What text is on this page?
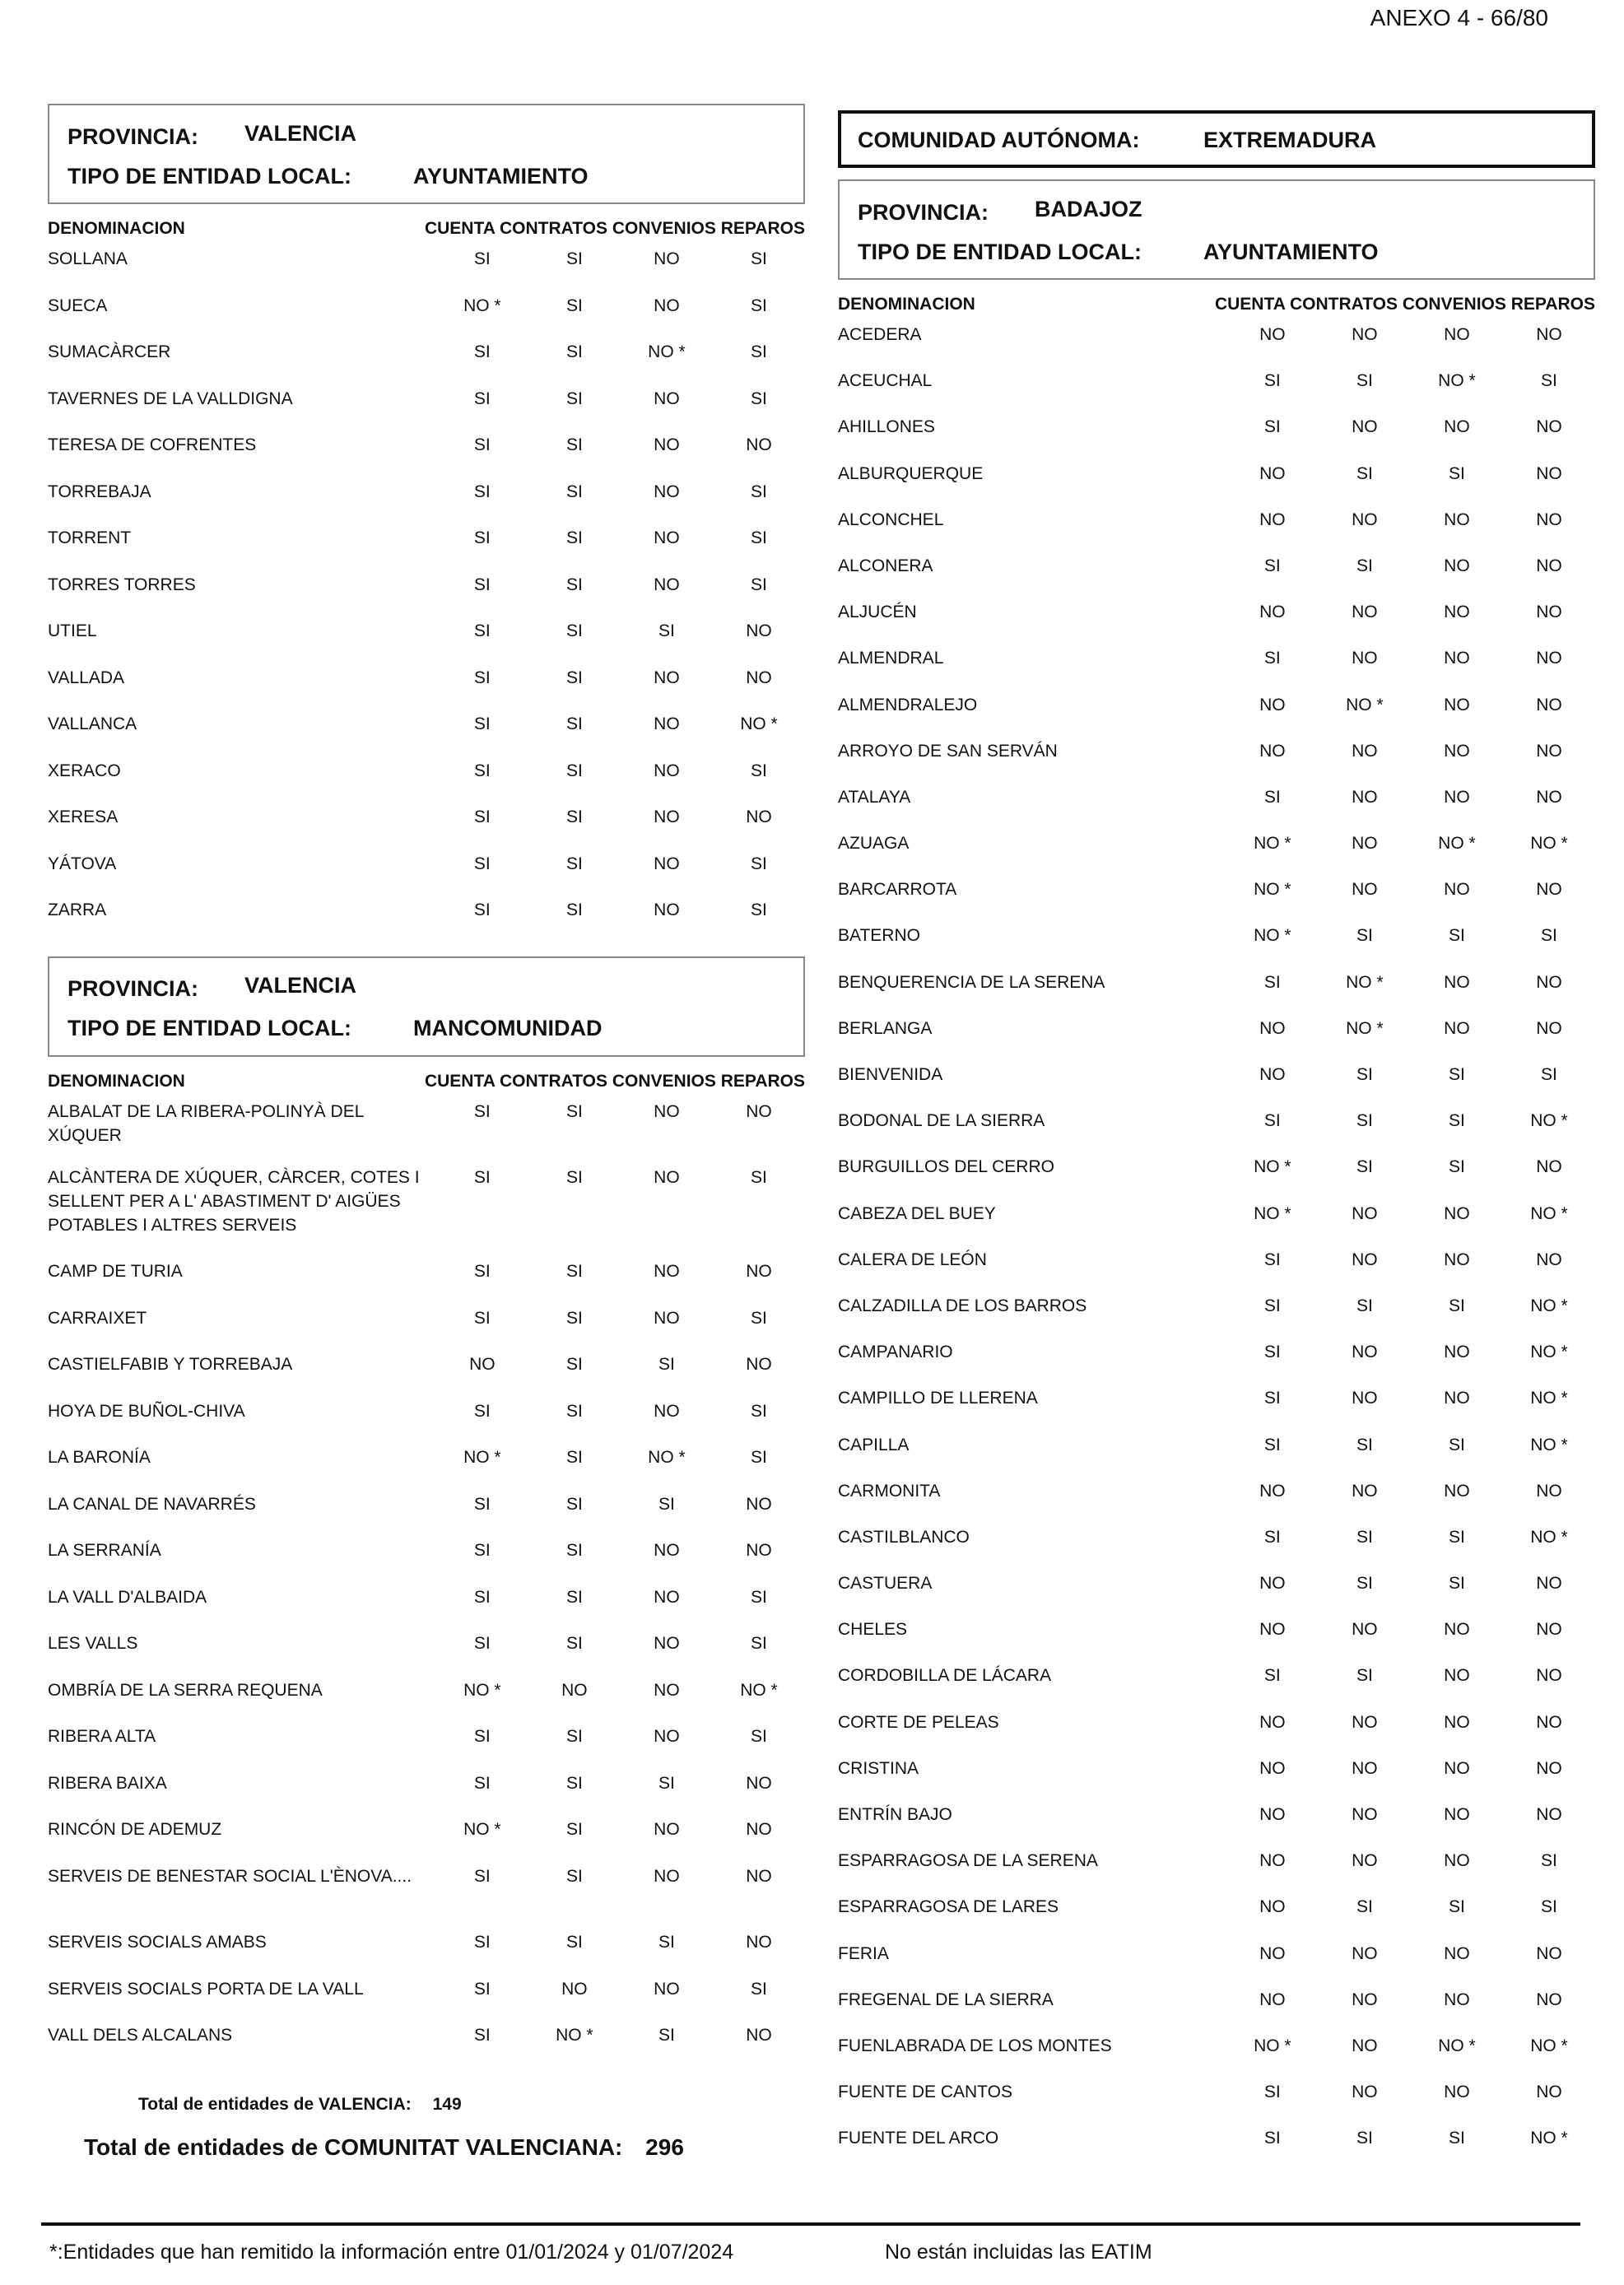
ANEXO 4 - 66/80
PROVINCIA:	VALENCIA
TIPO DE ENTIDAD LOCAL:	AYUNTAMIENTO
DENOMINACION	CUENTA CONTRATOS CONVENIOS REPAROS
SOLLANA	SI	SI	NO	SI
SUECA	NO *	SI	NO	SI
SUMACÀRCER	SI	SI	NO *	SI
TAVERNES DE LA VALLDIGNA	SI	SI	NO	SI
TERESA DE COFRENTES	SI	SI	NO	NO
TORREBAJA	SI	SI	NO	SI
TORRENT	SI	SI	NO	SI
TORRES TORRES	SI	SI	NO	SI
UTIEL	SI	SI	SI	NO
VALLADA	SI	SI	NO	NO
VALLANCA	SI	SI	NO	NO *
XERACO	SI	SI	NO	SI
XERESA	SI	SI	NO	NO
YÁTOVA	SI	SI	NO	SI
ZARRA	SI	SI	NO	SI
PROVINCIA:	VALENCIA
TIPO DE ENTIDAD LOCAL:	MANCOMUNIDAD
DENOMINACION	CUENTA CONTRATOS CONVENIOS REPAROS
ALBALAT DE LA RIBERA-POLINYÀ DEL XÚQUER
SI	SI	NO	NO
ALCÀNTERA DE XÚQUER, CÀRCER, COTES I SELLENT PER A L' ABASTIMENT D' AIGÜES POTABLES I ALTRES SERVEIS
SI	SI	NO	SI
CAMP DE TURIA	SI	SI	NO	NO
CARRAIXET	SI	SI	NO	SI
CASTIELFABIB Y TORREBAJA	NO	SI	SI	NO
HOYA DE BUÑOL-CHIVA	SI	SI	NO	SI
LA BARONÍA	NO *	SI	NO *	SI
LA CANAL DE NAVARRÉS	SI	SI	SI	NO
LA SERRANÍA	SI	SI	NO	NO
LA VALL D'ALBAIDA	SI	SI	NO	SI
LES VALLS	SI	SI	NO	SI
OMBRÍA DE LA SERRA REQUENA	NO *	NO	NO	NO *
RIBERA ALTA	SI	SI	NO	SI
RIBERA BAIXA	SI	SI	SI	NO
RINCÓN DE ADEMUZ	NO *	SI	NO	NO
SERVEIS DE BENESTAR SOCIAL L'ÈNOVA....	SI	SI	NO	NO
SERVEIS SOCIALS AMABS	SI	SI	SI	NO
SERVEIS SOCIALS PORTA DE LA VALL	SI	NO	NO	SI
VALL DELS ALCALANS	SI	NO *	SI	NO
Total de entidades de VALENCIA: 149
Total de entidades de COMUNITAT VALENCIANA: 296
COMUNIDAD AUTÓNOMA:	EXTREMADURA
PROVINCIA:	BADAJOZ
TIPO DE ENTIDAD LOCAL:	AYUNTAMIENTO
DENOMINACION	CUENTA CONTRATOS CONVENIOS REPAROS
ACEDERA	NO	NO	NO	NO
ACEUCHAL	SI	SI	NO *	SI
AHILLONES	SI	NO	NO	NO
ALBURQUERQUE	NO	SI	SI	NO
ALCONCHEL	NO	NO	NO	NO
ALCONERA	SI	SI	NO	NO
ALJUCÉN	NO	NO	NO	NO
ALMENDRAL	SI	NO	NO	NO
ALMENDRALEJO	NO	NO *	NO	NO
ARROYO DE SAN SERVÁN	NO	NO	NO	NO
ATALAYA	SI	NO	NO	NO
AZUAGA	NO *	NO	NO *	NO *
BARCARROTA	NO *	NO	NO	NO
BATERNO	NO *	SI	SI	SI
BENQUERENCIA DE LA SERENA	SI	NO *	NO	NO
BERLANGA	NO	NO *	NO	NO
BIENVENIDA	NO	SI	SI	SI
BODONAL DE LA SIERRA	SI	SI	SI	NO *
BURGUILLOS DEL CERRO	NO *	SI	SI	NO
CABEZA DEL BUEY	NO *	NO	NO	NO *
CALERA DE LEÓN	SI	NO	NO	NO
CALZADILLA DE LOS BARROS	SI	SI	SI	NO *
CAMPANARIO	SI	NO	NO	NO *
CAMPILLO DE LLERENA	SI	NO	NO	NO *
CAPILLA	SI	SI	SI	NO *
CARMONITA	NO	NO	NO	NO
CASTILBLANCO	SI	SI	SI	NO *
CASTUERA	NO	SI	SI	NO
CHELES	NO	NO	NO	NO
CORDOBILLA DE LÁCARA	SI	SI	NO	NO
CORTE DE PELEAS	NO	NO	NO	NO
CRISTINA	NO	NO	NO	NO
ENTRÍN BAJO	NO	NO	NO	NO
ESPARRAGOSA DE LA SERENA	NO	NO	NO	SI
ESPARRAGOSA DE LARES	NO	SI	SI	SI
FERIA	NO	NO	NO	NO
FREGENAL DE LA SIERRA	NO	NO	NO	NO
FUENLABRADA DE LOS MONTES	NO *	NO	NO *	NO *
FUENTE DE CANTOS	SI	NO	NO	NO
FUENTE DEL ARCO	SI	SI	SI	NO *
*:Entidades que han remitido la información entre 01/01/2024 y 01/07/2024	No están incluidas las EATIM
